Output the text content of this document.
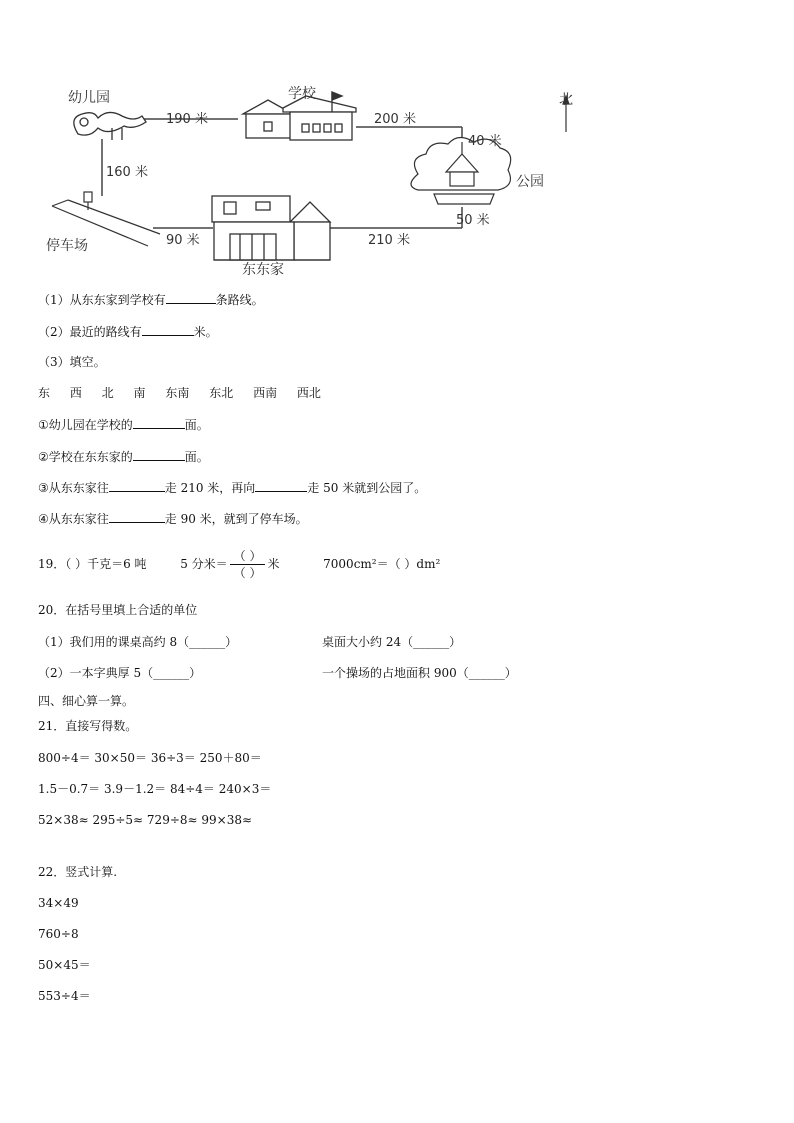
幼儿园	学校	北
公园
停车场
东东家
190 米	200 米
40 米
160 米
50 米
90 米	210 米
（1）从东东家到学校有	条路线。
（2）最近的路线有	米。
（3）填空。
东 西 北 南 东南 东北 西南 西北
①幼儿园在学校的	面。
②学校在东东家的	面。
③从东东家往	走 210 米，再向	走 50 米就到公园了。
④从东东家往	走 90 米，就到了停车场。
19．（ ）千克＝6 吨	5 分米＝ $\frac{( )}{( )}$ 米	7000cm²＝（ ）dm²
20．在括号里填上合适的单位
（1）我们用的课桌高约 8（______）	桌面大小约 24（______）
（2）一本字典厚 5（______）	一个操场的占地面积 900（______）
四、细心算一算。
21．直接写得数。
800÷4＝ 30×50＝ 36÷3＝ 250＋80＝
1.5－0.7＝ 3.9－1.2＝ 84÷4＝ 240×3＝
52×38≈ 295÷5≈ 729÷8≈ 99×38≈
22．竖式计算.
34×49
760÷8
50×45＝
553÷4＝
